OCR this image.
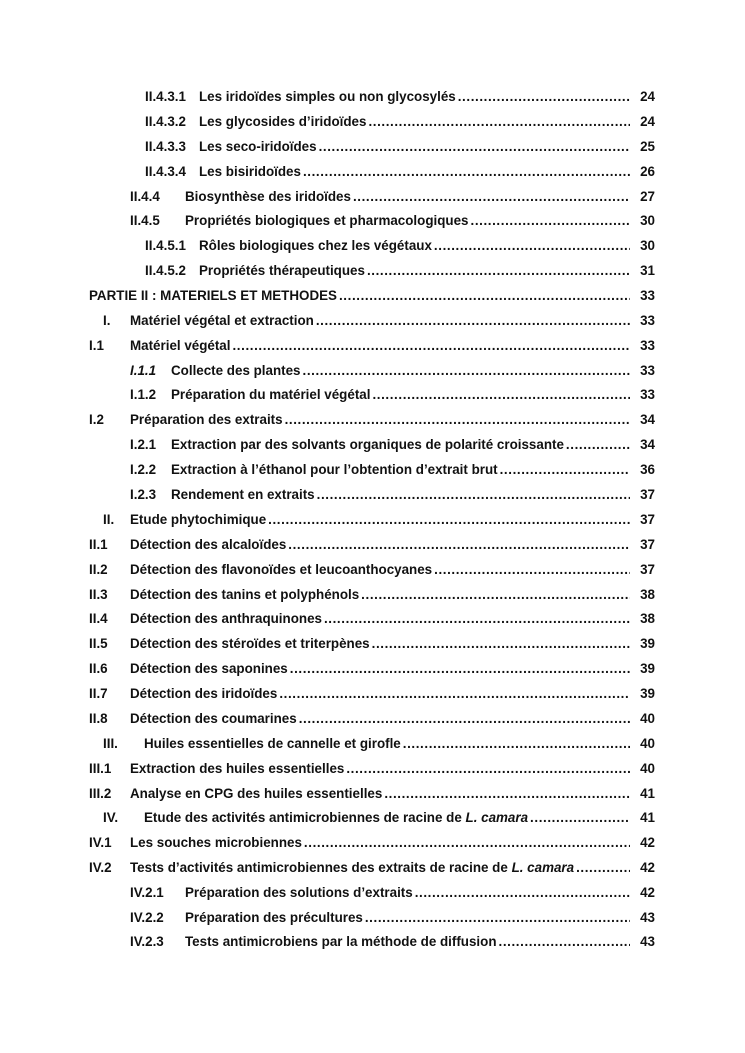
II.4.3.1 Les iridoïdes simples ou non glycosylés .....	24
II.4.3.2 Les glycosides d’iridoïdes .....	24
II.4.3.3 Les seco-iridoïdes .....	25
II.4.3.4 Les bisiridoïdes .....	26
II.4.4 Biosynthèse des iridoïdes .....	27
II.4.5 Propriétés biologiques et pharmacologiques .....	30
II.4.5.1 Rôles biologiques chez les végétaux .....	30
II.4.5.2 Propriétés thérapeutiques .....	31
PARTIE II : MATERIELS ET METHODES .....	33
I. Matériel végétal et extraction .....	33
I.1 Matériel végétal .....	33
I.1.1 Collecte des plantes .....	33
I.1.2 Préparation du matériel végétal .....	33
I.2 Préparation des extraits .....	34
I.2.1 Extraction par des solvants organiques de polarité croissante .....	34
I.2.2 Extraction à l’éthanol pour l’obtention d’extrait brut .....	36
I.2.3 Rendement en extraits .....	37
II. Etude phytochimique .....	37
II.1 Détection des alcaloïdes .....	37
II.2 Détection des flavonoïdes et leucoanthocyanes .....	37
II.3 Détection des tanins et polyphénols .....	38
II.4 Détection des anthraquinones .....	38
II.5 Détection des stéroïdes et triterpènes .....	39
II.6 Détection des saponines .....	39
II.7 Détection des iridoïdes .....	39
II.8 Détection des coumarines .....	40
III. Huiles essentielles de cannelle et girofle .....	40
III.1 Extraction des huiles essentielles .....	40
III.2 Analyse en CPG des huiles essentielles .....	41
IV. Etude des activités antimicrobiennes de racine de L. camara .....	41
IV.1 Les souches microbiennes .....	42
IV.2 Tests d’activités antimicrobiennes des extraits de racine de L. camara .....	42
IV.2.1 Préparation des solutions d’extraits .....	42
IV.2.2 Préparation des précultures .....	43
IV.2.3 Tests antimicrobiens par la méthode de diffusion .....	43
